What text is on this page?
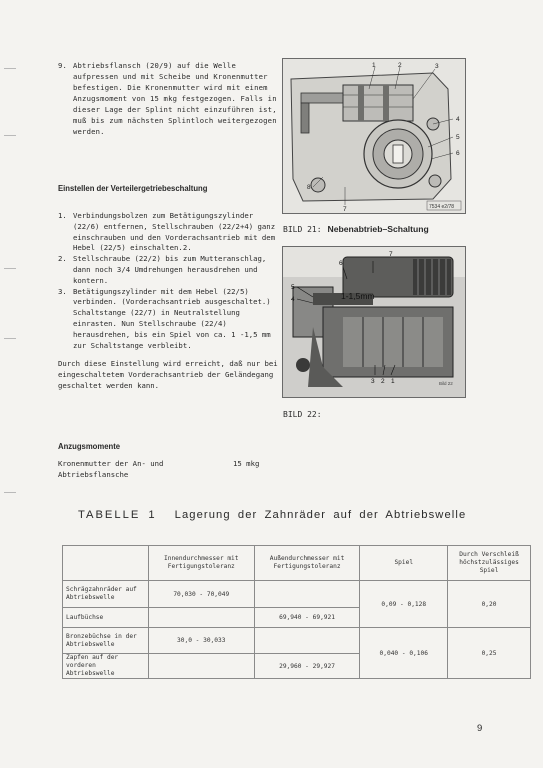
9. Abtriebsflansch (20/9) auf die Welle aufpressen und mit Scheibe und Kronenmutter befestigen. Die Kronenmutter wird mit einem Anzugsmoment von 15 mkg festgezogen. Falls in dieser Lage der Splint nicht einzuführen ist, muß bis zum nächsten Splintloch weitergezogen werden.
Einstellen der Verteilergetriebeschaltung
1. Verbindungsbolzen zum Betätigungszylinder (22/6) entfernen, Stellschrauben (22/2+4) ganz einschrauben und den Vorderachsantrieb mit dem Hebel (22/5) einschalten.2.
2. Stellschraube (22/2) bis zum Mutteranschlag, dann noch 3/4 Umdrehungen herausdrehen und kontern.
3. Betätigungszylinder mit dem Hebel (22/5) verbinden. (Vorderachsantrieb ausgeschaltet.) Schaltstange (22/7) in Neutralstellung einrasten. Nun Stellschraube (22/4) herausdrehen, bis ein Spiel von ca. 1 -1,5 mm zur Schaltstange verbleibt.
Durch diese Einstellung wird erreicht, daß nur bei eingeschaltetem Vorderachsantrieb der Geländegang geschaltet werden kann.
Anzugsmomente
Kronenmutter der An- und Abtriebsflansche
15 mkg
1	2	3
4
5
6
7
8
7534 e2/78
BILD 21: Nebenabtrieb–Schaltung
7
6
5
4
3 2 1
1-1,5mm
Bild 22
BILD 22:
TABELLE 1 Lagerung der Zahnräder auf der Abtriebswelle
	Innendurchmesser mit Fertigungstoleranz	Außendurchmesser mit Fertigungstoleranz	Spiel	Durch Verschleiß höchstzulässiges Spiel
Schrägzahnräder auf Abtriebswelle	70,030 - 70,049		0,09 - 0,128	0,20
Laufbüchse		69,940 - 69,921		
Bronzebüchse in der Abtriebswelle	30,0 - 30,033		0,040 - 0,106	0,25
Zapfen auf der vorderen Abtriebswelle		29,960 - 29,927		
9
